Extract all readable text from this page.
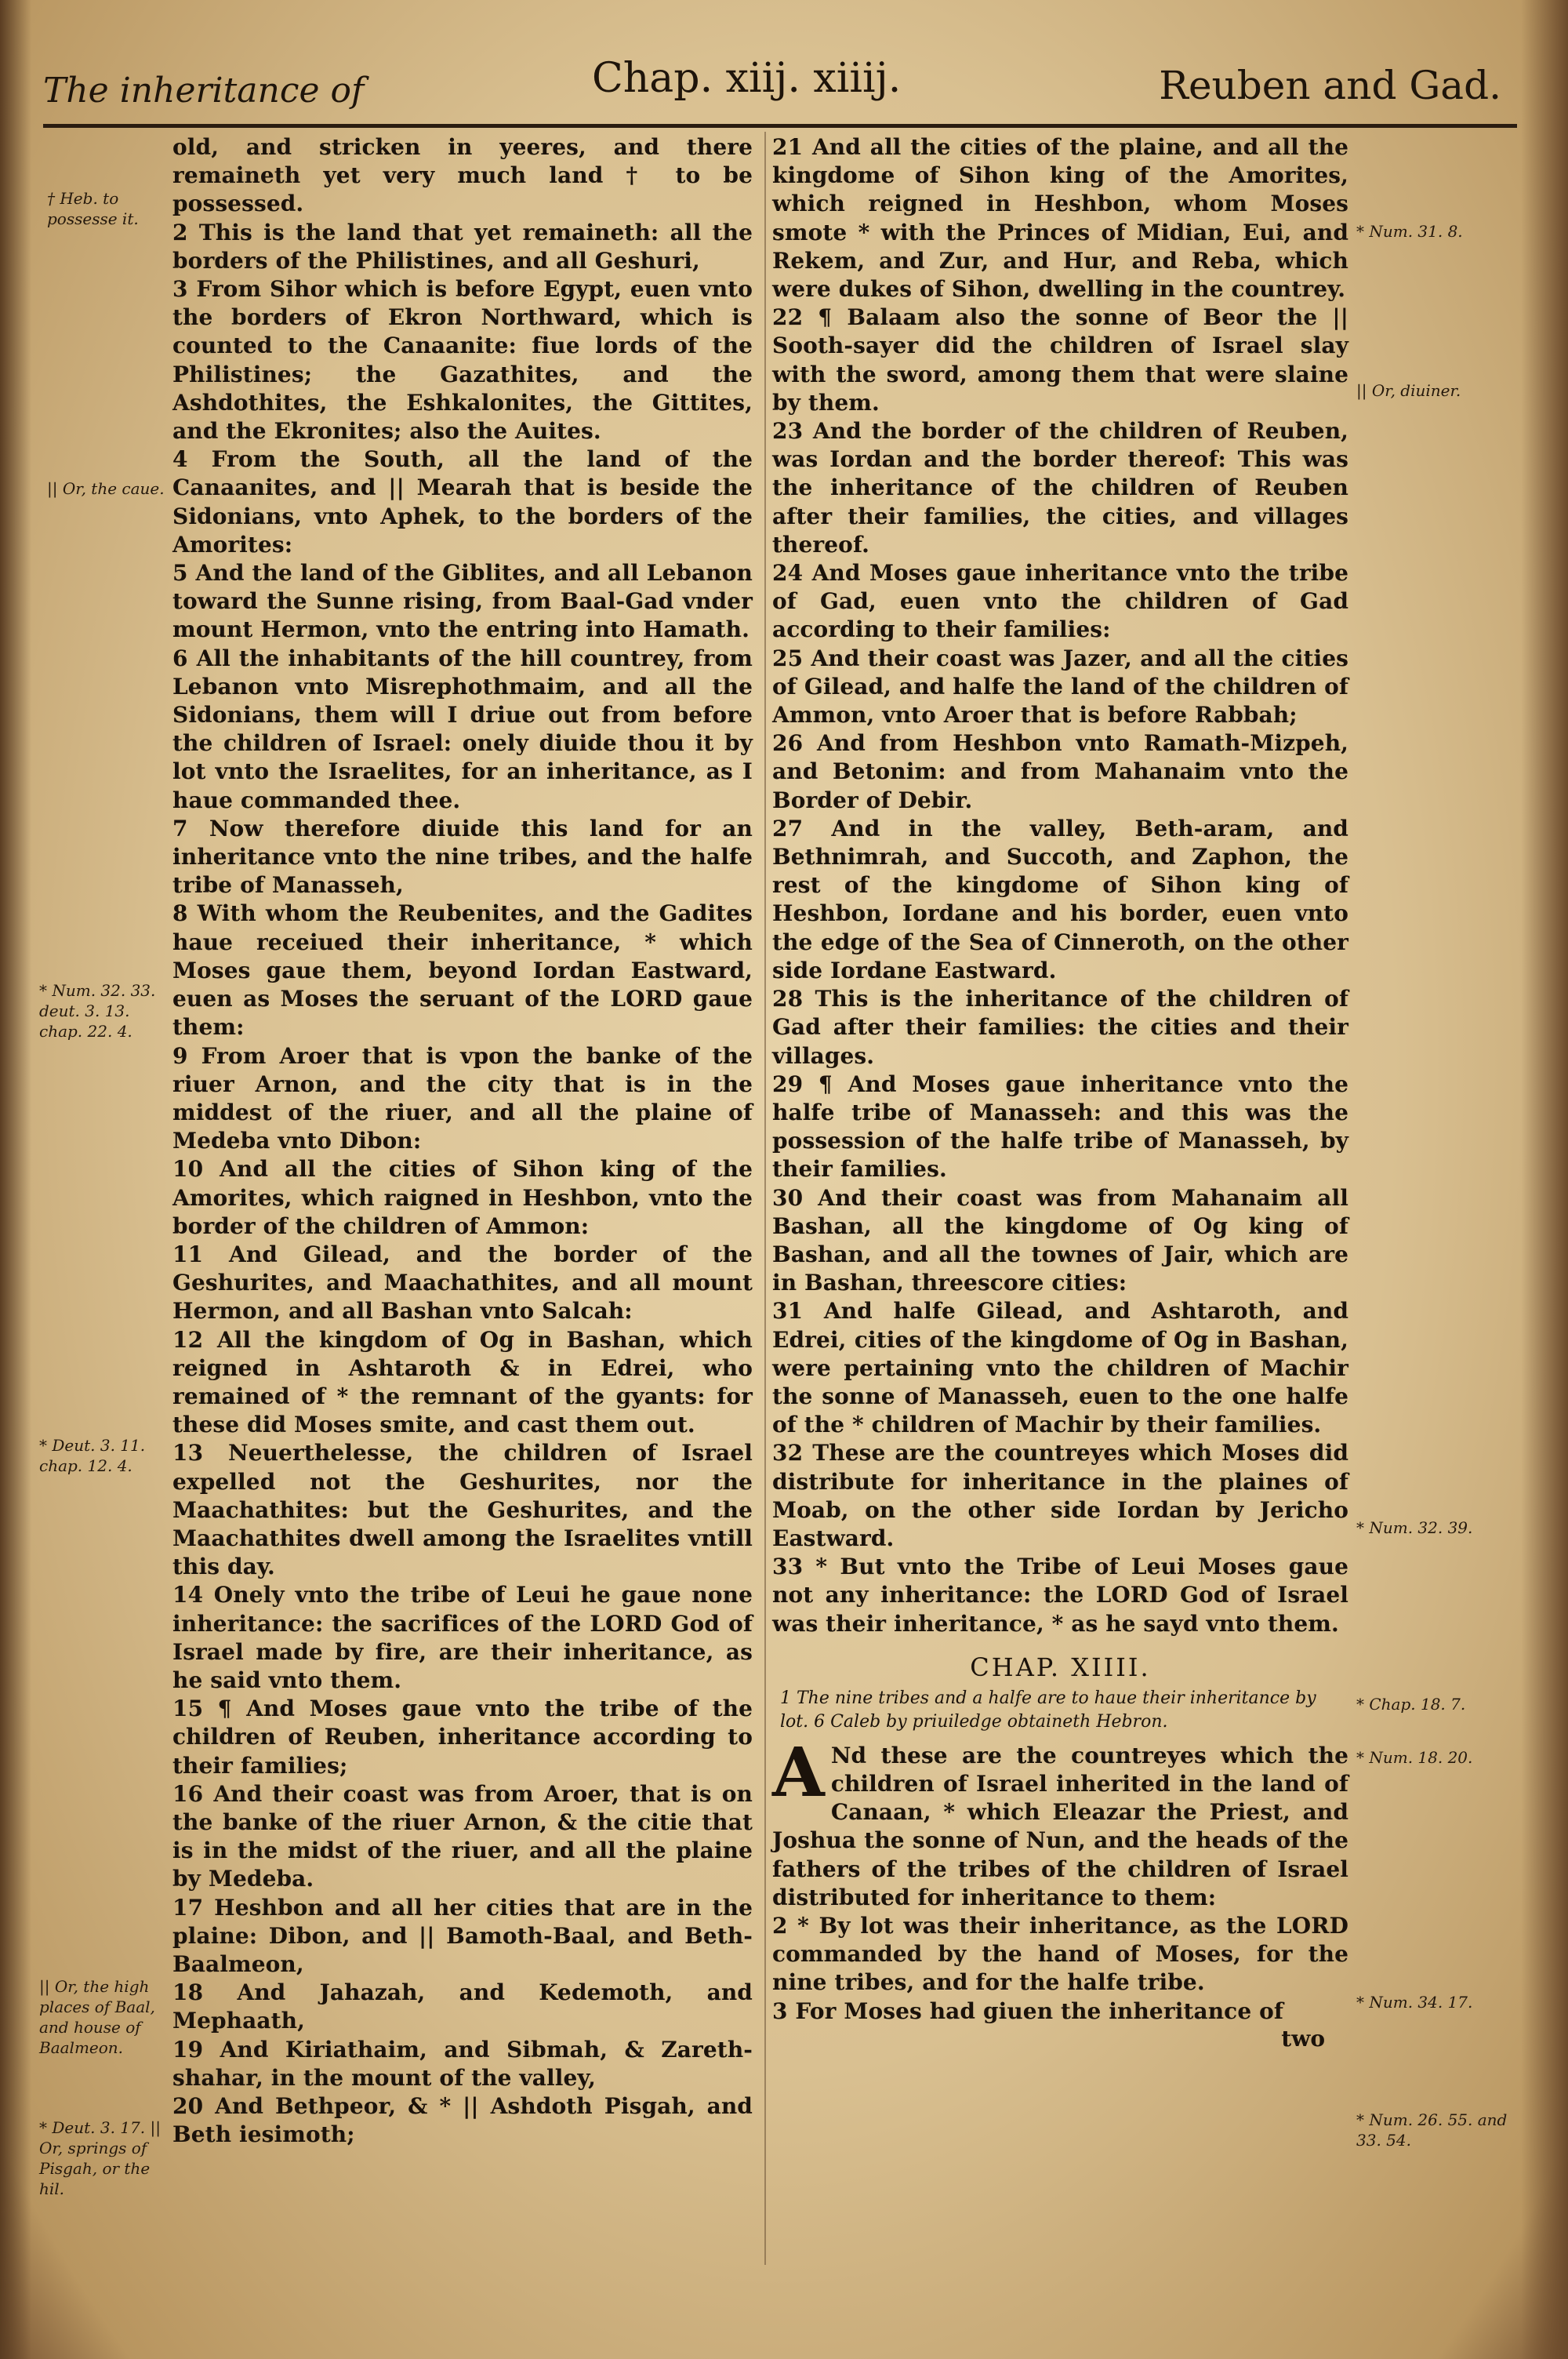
The inheritance of	Chap. xiij. xiiij.	Reuben and Gad.
† Heb. to possesse it.
|| Or, the caue.
* Num. 32. 33. deut. 3. 13. chap. 22. 4.
* Deut. 3. 11. chap. 12. 4.
|| Or, the high places of Baal, and house of Baalmeon.
* Deut. 3. 17. || Or, springs of Pisgah, or the hil.

old, and stricken in yeeres, and there remaineth yet very much land † to be possessed.

2 This is the land that yet remaineth: all the borders of the Philistines, and all Geshuri,

3 From Sihor which is before Egypt, euen vnto the borders of Ekron Northward, which is counted to the Canaanite: fiue lords of the Philistines; the Gazathites, and the Ashdothites, the Eshkalonites, the Gittites, and the Ekronites; also the Auites.

4 From the South, all the land of the Canaanites, and || Mearah that is beside the Sidonians, vnto Aphek, to the borders of the Amorites:

5 And the land of the Giblites, and all Lebanon toward the Sunne rising, from Baal-Gad vnder mount Hermon, vnto the entring into Hamath.

6 All the inhabitants of the hill countrey, from Lebanon vnto Misrephothmaim, and all the Sidonians, them will I driue out from before the children of Israel: onely diuide thou it by lot vnto the Israelites, for an inheritance, as I haue commanded thee.

7 Now therefore diuide this land for an inheritance vnto the nine tribes, and the halfe tribe of Manasseh,

8 With whom the Reubenites, and the Gadites haue receiued their inheritance, * which Moses gaue them, beyond Iordan Eastward, euen as Moses the seruant of the LORD gaue them:

9 From Aroer that is vpon the banke of the riuer Arnon, and the city that is in the middest of the riuer, and all the plaine of Medeba vnto Dibon:

10 And all the cities of Sihon king of the Amorites, which raigned in Heshbon, vnto the border of the children of Ammon:

11 And Gilead, and the border of the Geshurites, and Maachathites, and all mount Hermon, and all Bashan vnto Salcah:

12 All the kingdom of Og in Bashan, which reigned in Ashtaroth & in Edrei, who remained of * the remnant of the gyants: for these did Moses smite, and cast them out.

13 Neuerthelesse, the children of Israel expelled not the Geshurites, nor the Maachathites: but the Geshurites, and the Maachathites dwell among the Israelites vntill this day.

14 Onely vnto the tribe of Leui he gaue none inheritance: the sacrifices of the LORD God of Israel made by fire, are their inheritance, as he said vnto them.

15 ¶ And Moses gaue vnto the tribe of the children of Reuben, inheritance according to their families;

16 And their coast was from Aroer, that is on the banke of the riuer Arnon, & the citie that is in the midst of the riuer, and all the plaine by Medeba.

17 Heshbon and all her cities that are in the plaine: Dibon, and || Bamoth-Baal, and Beth-Baalmeon,

18 And Jahazah, and Kedemoth, and Mephaath,

19 And Kiriathaim, and Sibmah, & Zareth-shahar, in the mount of the valley,

20 And Bethpeor, & * || Ashdoth Pisgah, and Beth iesimoth;

21 And all the cities of the plaine, and all the kingdome of Sihon king of the Amorites, which reigned in Heshbon, whom Moses smote * with the Princes of Midian, Eui, and Rekem, and Zur, and Hur, and Reba, which were dukes of Sihon, dwelling in the countrey.

22 ¶ Balaam also the sonne of Beor the || Sooth-sayer did the children of Israel slay with the sword, among them that were slaine by them.

23 And the border of the children of Reuben, was Iordan and the border thereof: This was the inheritance of the children of Reuben after their families, the cities, and villages thereof.

24 And Moses gaue inheritance vnto the tribe of Gad, euen vnto the children of Gad according to their families:

25 And their coast was Jazer, and all the cities of Gilead, and halfe the land of the children of Ammon, vnto Aroer that is before Rabbah;

26 And from Heshbon vnto Ramath-Mizpeh, and Betonim: and from Mahanaim vnto the Border of Debir.

27 And in the valley, Beth-aram, and Bethnimrah, and Succoth, and Zaphon, the rest of the kingdome of Sihon king of Heshbon, Iordane and his border, euen vnto the edge of the Sea of Cinneroth, on the other side Iordane Eastward.

28 This is the inheritance of the children of Gad after their families: the cities and their villages.

29 ¶ And Moses gaue inheritance vnto the halfe tribe of Manasseh: and this was the possession of the halfe tribe of Manasseh, by their families.

30 And their coast was from Mahanaim all Bashan, all the kingdome of Og king of Bashan, and all the townes of Jair, which are in Bashan, threescore cities:

31 And halfe Gilead, and Ashtaroth, and Edrei, cities of the kingdome of Og in Bashan, were pertaining vnto the children of Machir the sonne of Manasseh, euen to the one halfe of the * children of Machir by their families.

32 These are the countreyes which Moses did distribute for inheritance in the plaines of Moab, on the other side Iordan by Jericho Eastward.

33 * But vnto the Tribe of Leui Moses gaue not any inheritance: the LORD God of Israel was their inheritance, * as he sayd vnto them.

CHAP. XIIII.

1 The nine tribes and a halfe are to haue their inheritance by lot. 6 Caleb by priuiledge obtaineth Hebron.

A Nd these are the countreyes which the children of Israel inherited in the land of Canaan, * which Eleazar the Priest, and Joshua the sonne of Nun, and the heads of the fathers of the tribes of the children of Israel distributed for inheritance to them:

2 * By lot was their inheritance, as the LORD commanded by the hand of Moses, for the nine tribes, and for the halfe tribe.

3 For Moses had giuen the inheritance of

two
* Num. 31. 8.
|| Or, diuiner.
* Num. 32. 39.
* Chap. 18. 7.
* Num. 18. 20.
* Num. 34. 17.
* Num. 26. 55. and 33. 54.
